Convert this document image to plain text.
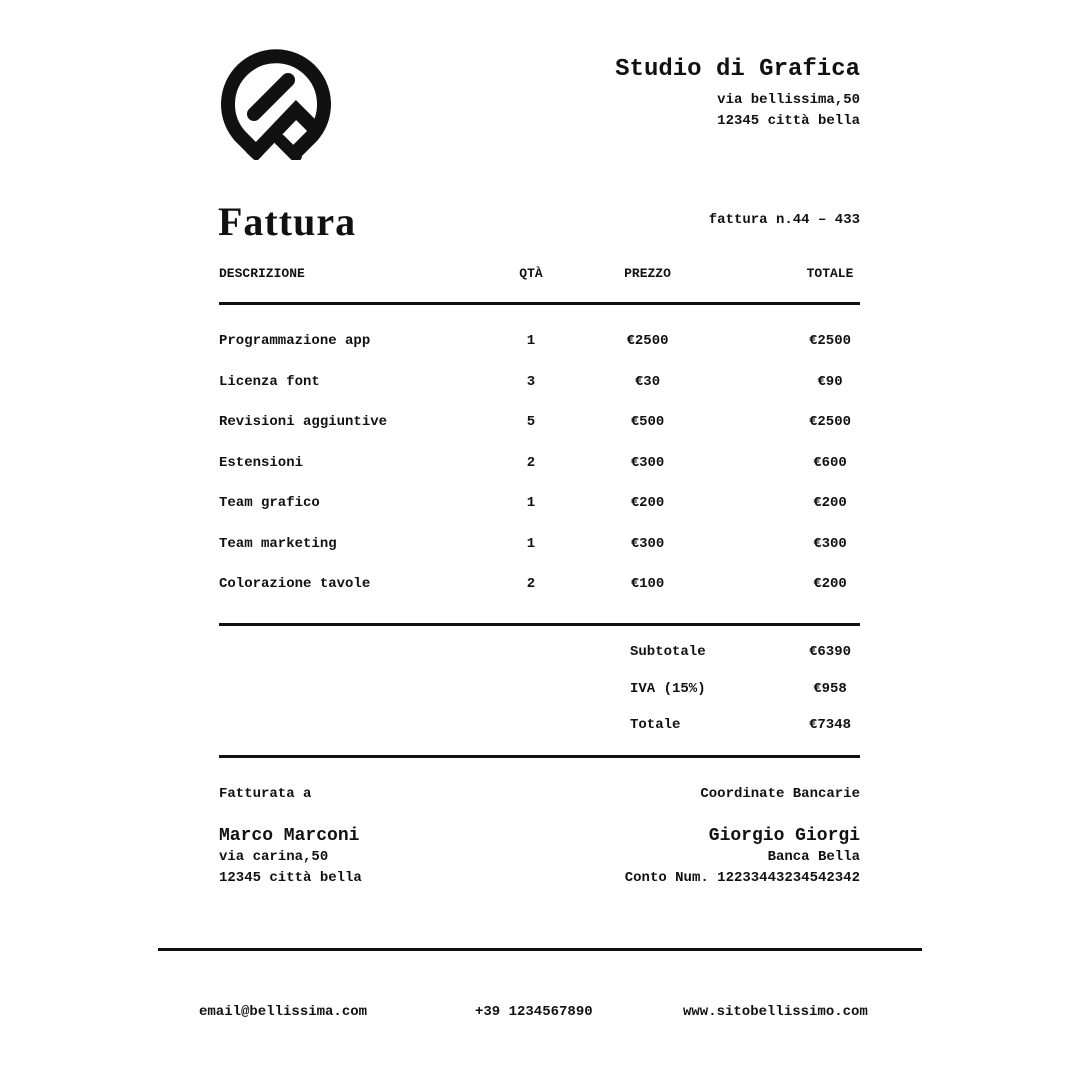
Studio di Grafica
via bellissima,50
12345 città bella
Fattura	fattura n.44 – 433
DESCRIZIONE	QTÀ	PREZZO	TOTALE
Programmazione app	1	€2500	€2500
Licenza font	3	€30	€90
Revisioni aggiuntive	5	€500	€2500
Estensioni	2	€300	€600
Team grafico	1	€200	€200
Team marketing	1	€300	€300
Colorazione tavole	2	€100	€200
Subtotale	€6390
IVA (15%)	€958
Totale	€7348
Fatturata a
Marco Marconi
via carina,50
12345 città bella
Coordinate Bancarie
Giorgio Giorgi
Banca Bella
Conto Num. 12233443234542342
email@bellissima.com	+39 1234567890	www.sitobellissimo.com
